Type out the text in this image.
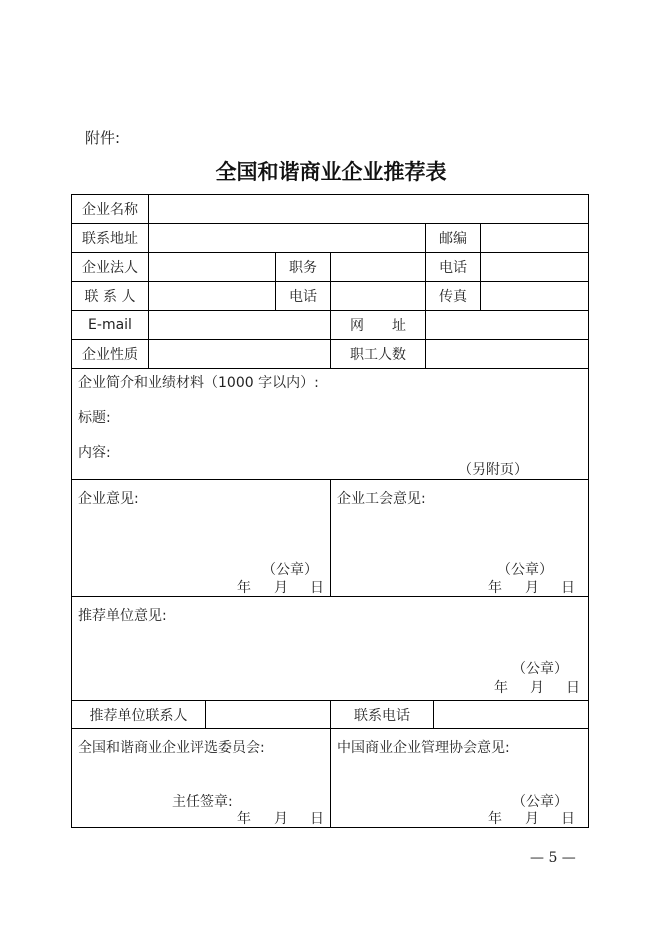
附件:
全国和谐商业企业推荐表
企业名称
联系地址	邮编
企业法人	职务	电话
联 系 人	电话	传真
E-mail	网　　址
企业性质	职工人数
企业简介和业绩材料（1000 字以内）:
标题:
内容:
（另附页）
企业意见:
（公章）
年 月 日
企业工会意见:
（公章）
年 月 日
推荐单位意见:
（公章）
年 月 日
推荐单位联系人	联系电话
全国和谐商业企业评选委员会:
主任签章:
年 月 日
中国商业企业管理协会意见:
（公章）
年 月 日
— 5 —
